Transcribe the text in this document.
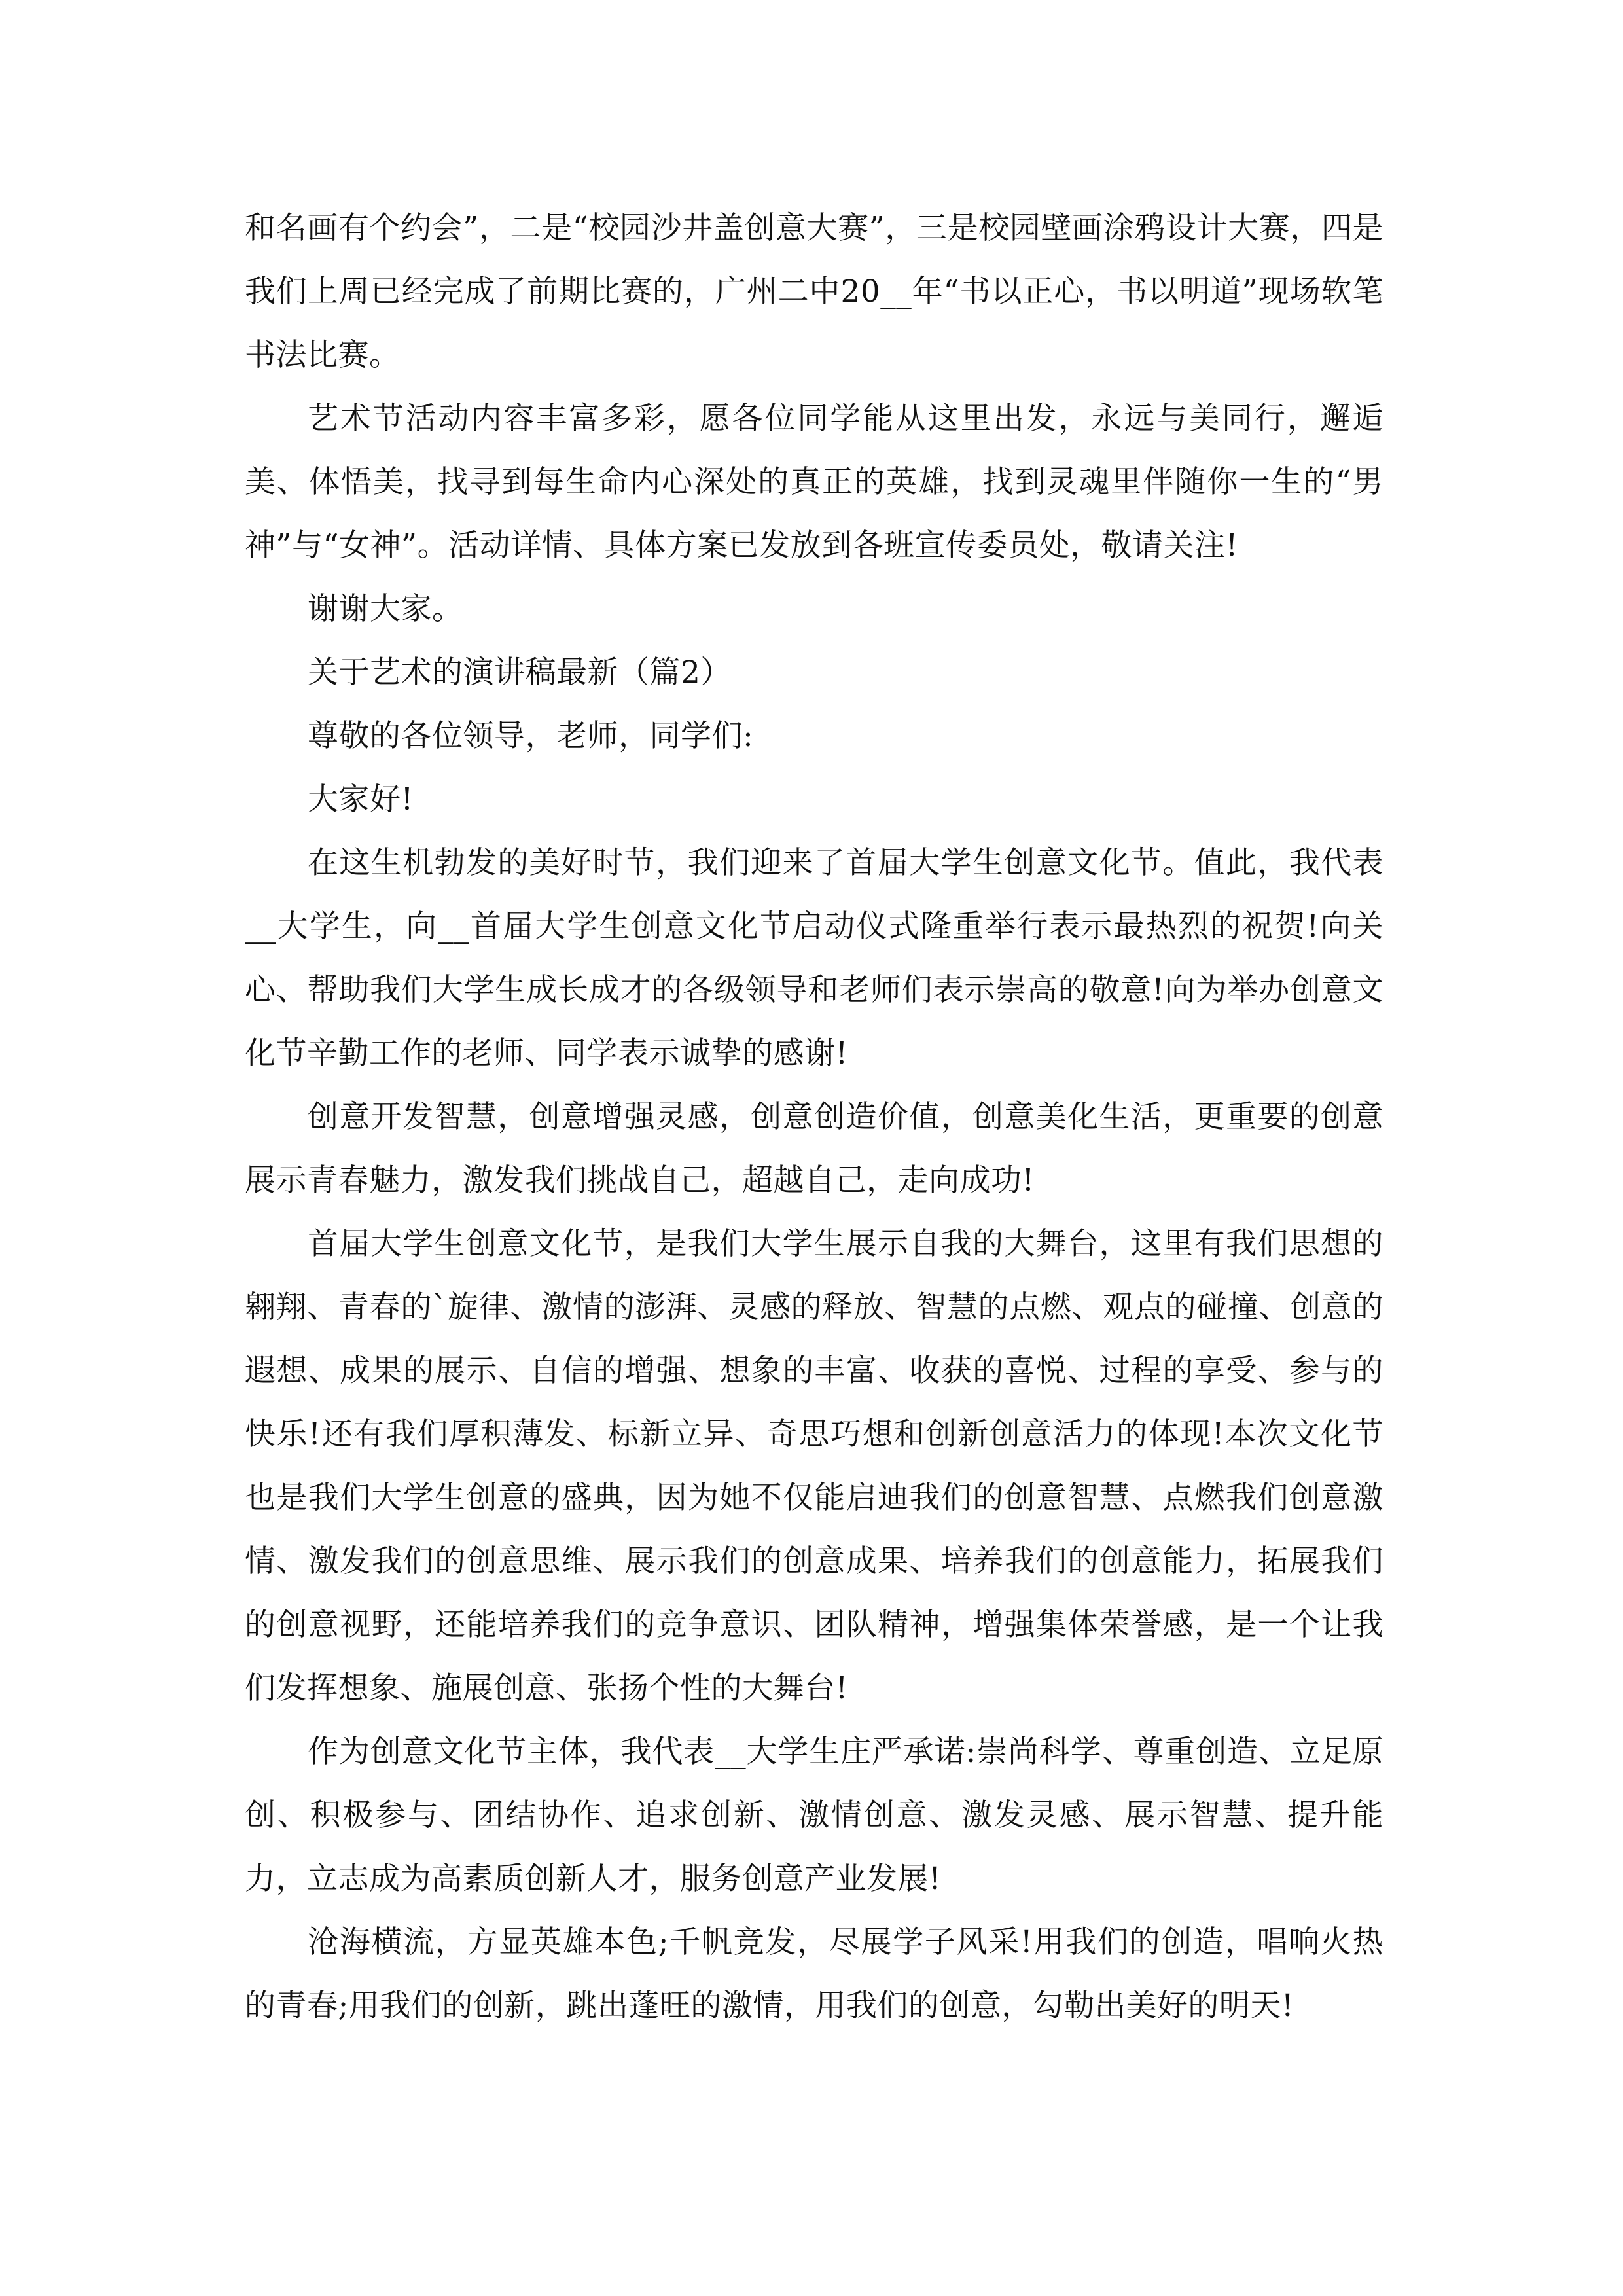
和名画有个约会”，二是“校园沙井盖创意大赛”，三是校园壁画涂鸦设计大赛，四是我们上周已经完成了前期比赛的，广州二中20__年“书以正心，书以明道”现场软笔书法比赛。

艺术节活动内容丰富多彩，愿各位同学能从这里出发，永远与美同行，邂逅美、体悟美，找寻到每生命内心深处的真正的英雄，找到灵魂里伴随你一生的“男神”与“女神”。活动详情、具体方案已发放到各班宣传委员处，敬请关注!

谢谢大家。

关于艺术的演讲稿最新（篇2）

尊敬的各位领导，老师，同学们:

大家好!

在这生机勃发的美好时节，我们迎来了首届大学生创意文化节。值此，我代表__大学生，向__首届大学生创意文化节启动仪式隆重举行表示最热烈的祝贺!向关心、帮助我们大学生成长成才的各级领导和老师们表示崇高的敬意!向为举办创意文化节辛勤工作的老师、同学表示诚挚的感谢!

创意开发智慧，创意增强灵感，创意创造价值，创意美化生活，更重要的创意展示青春魅力，激发我们挑战自己，超越自己，走向成功!

首届大学生创意文化节，是我们大学生展示自我的大舞台，这里有我们思想的翱翔、青春的`旋律、激情的澎湃、灵感的释放、智慧的点燃、观点的碰撞、创意的遐想、成果的展示、自信的增强、想象的丰富、收获的喜悦、过程的享受、参与的快乐!还有我们厚积薄发、标新立异、奇思巧想和创新创意活力的体现!本次文化节也是我们大学生创意的盛典，因为她不仅能启迪我们的创意智慧、点燃我们创意激情、激发我们的创意思维、展示我们的创意成果、培养我们的创意能力，拓展我们的创意视野，还能培养我们的竞争意识、团队精神，增强集体荣誉感，是一个让我们发挥想象、施展创意、张扬个性的大舞台!

作为创意文化节主体，我代表__大学生庄严承诺:崇尚科学、尊重创造、立足原创、积极参与、团结协作、追求创新、激情创意、激发灵感、展示智慧、提升能力，立志成为高素质创新人才，服务创意产业发展!

沧海横流，方显英雄本色;千帆竞发，尽展学子风采!用我们的创造，唱响火热的青春;用我们的创新，跳出蓬旺的激情，用我们的创意，勾勒出美好的明天!
